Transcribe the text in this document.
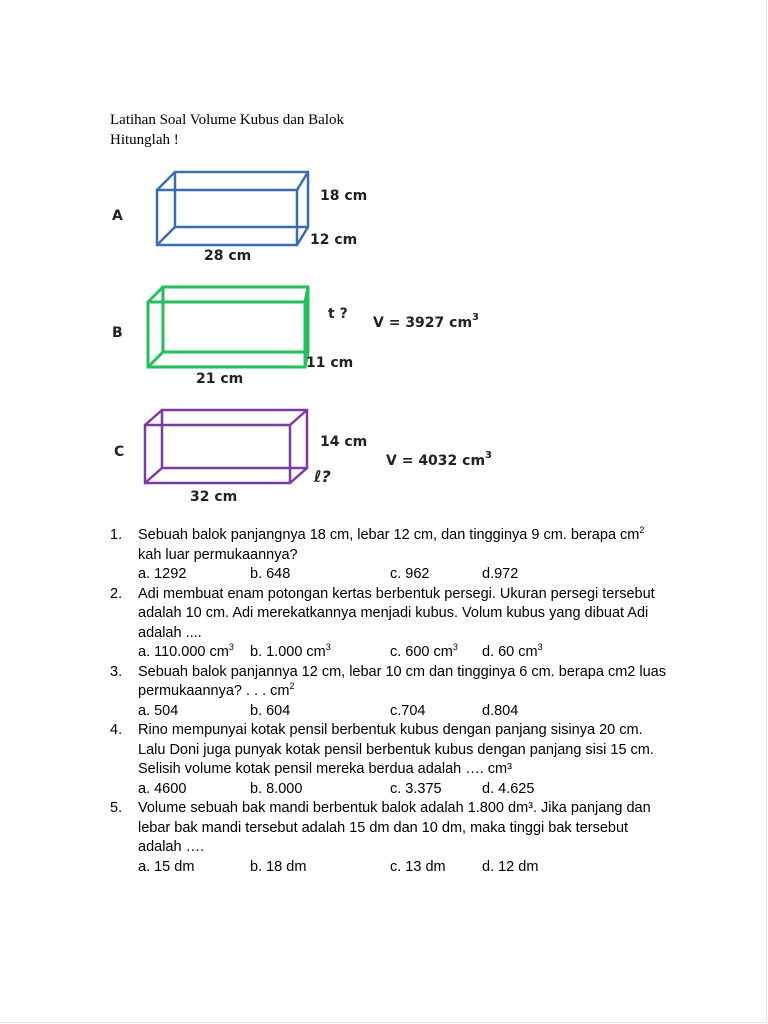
Latihan Soal Volume Kubus dan Balok
Hitunglah !
A
18 cm
12 cm
28 cm
B
t ?
V = 3927 $cm^3$
11 cm
21 cm
C
14 cm
V = 4032 $cm^3$
ℓ?
32 cm
1. Sebuah balok panjangnya 18 cm, lebar 12 cm, dan tingginya 9 cm. berapa $cm^2$ kah luar permukaannya?
a. 1292	b. 648	c. 962	d.972
2. Adi membuat enam potongan kertas berbentuk persegi. Ukuran persegi tersebut adalah 10 cm. Adi merekatkannya menjadi kubus. Volum kubus yang dibuat Adi adalah ....
a. 110.000 $cm^3$ b. 1.000 $cm^3$	c. 600 $cm^3$ d. 60 $cm^3$
3. Sebuah balok panjannya 12 cm, lebar 10 cm dan tingginya 6 cm. berapa cm2 luas permukaannya? . . . $cm^2$
a. 504	b. 604	c.704	d.804
4. Rino mempunyai kotak pensil berbentuk kubus dengan panjang sisinya 20 cm. Lalu Doni juga punyak kotak pensil berbentuk kubus dengan panjang sisi 15 cm. Selisih volume kotak pensil mereka berdua adalah …. cm³
a. 4600	b. 8.000	c. 3.375	d. 4.625
5. Volume sebuah bak mandi berbentuk balok adalah 1.800 dm³. Jika panjang dan lebar bak mandi tersebut adalah 15 dm dan 10 dm, maka tinggi bak tersebut adalah ….
a. 15 dm	b. 18 dm	c. 13 dm	d. 12 dm
